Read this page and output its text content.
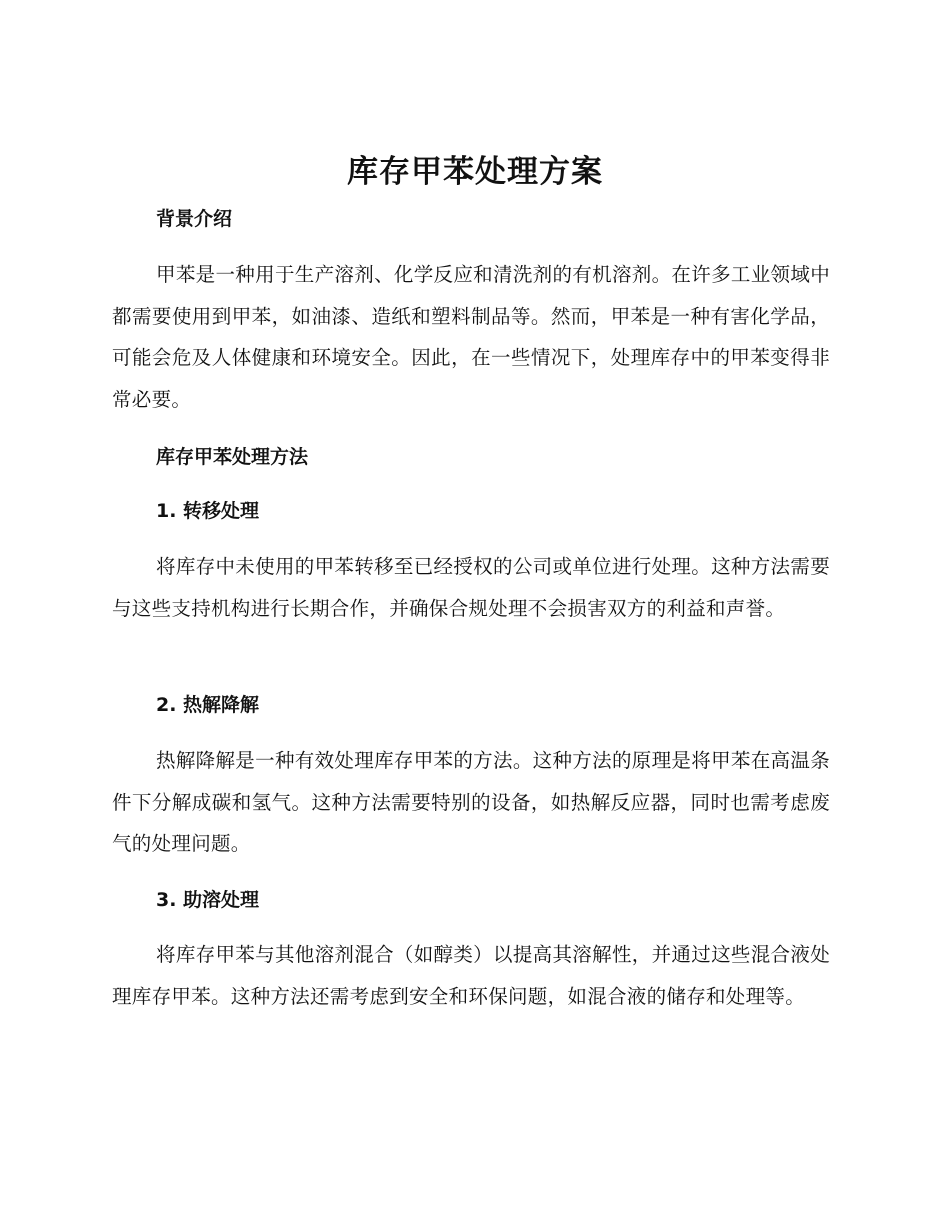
库存甲苯处理方案
背景介绍

甲苯是一种用于生产溶剂、化学反应和清洗剂的有机溶剂。在许多工业领域中都需要使用到甲苯，如油漆、造纸和塑料制品等。然而，甲苯是一种有害化学品，可能会危及人体健康和环境安全。因此，在一些情况下，处理库存中的甲苯变得非常必要。

库存甲苯处理方法
1. 转移处理

将库存中未使用的甲苯转移至已经授权的公司或单位进行处理。这种方法需要与这些支持机构进行长期合作，并确保合规处理不会损害双方的利益和声誉。

2. 热解降解

热解降解是一种有效处理库存甲苯的方法。这种方法的原理是将甲苯在高温条件下分解成碳和氢气。这种方法需要特别的设备，如热解反应器，同时也需考虑废气的处理问题。

3. 助溶处理

将库存甲苯与其他溶剂混合（如醇类）以提高其溶解性，并通过这些混合液处理库存甲苯。这种方法还需考虑到安全和环保问题，如混合液的储存和处理等。
